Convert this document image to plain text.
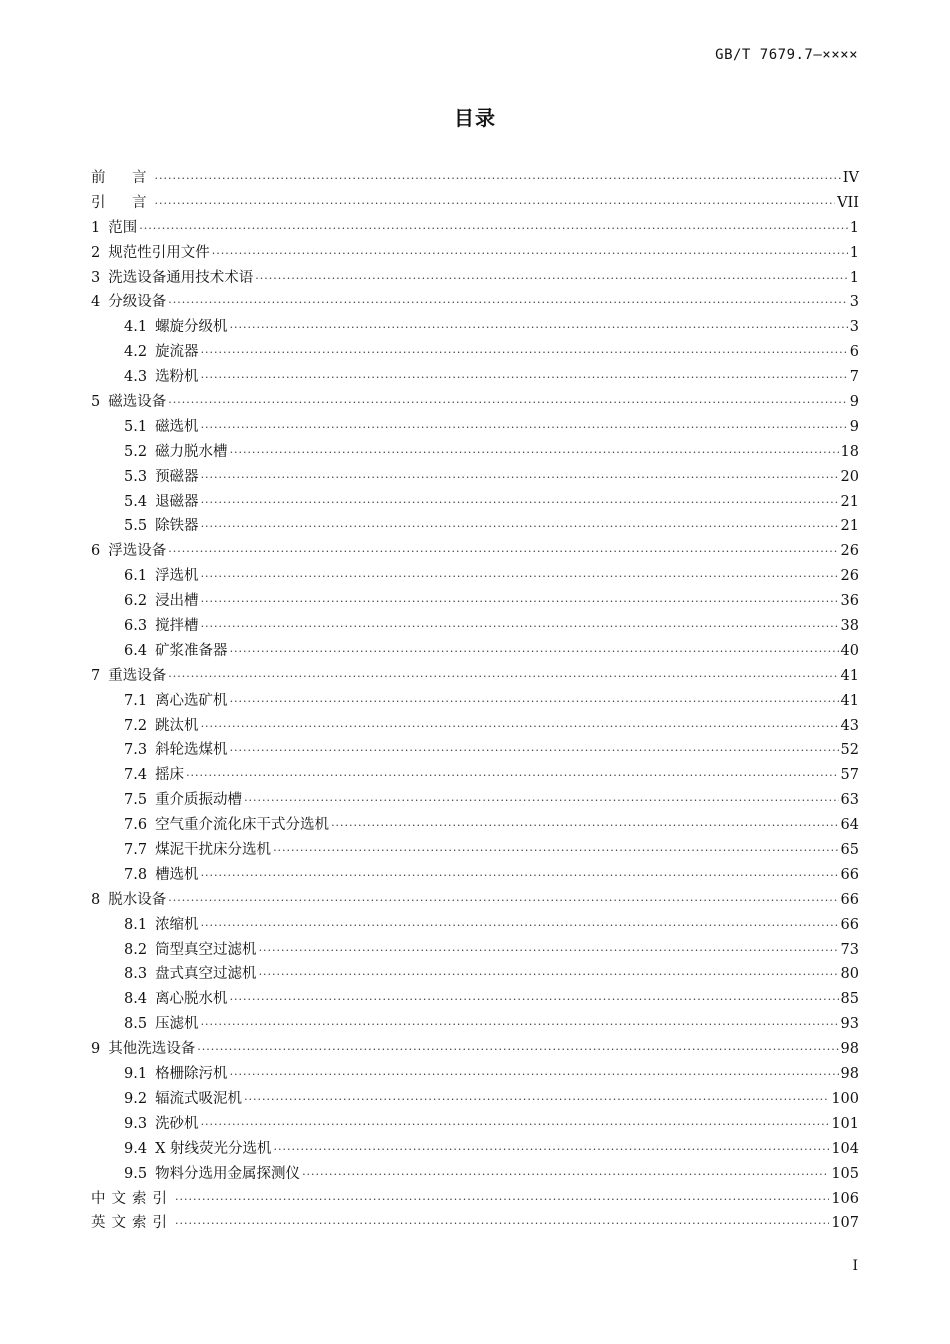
GB/T 7679.7—××××
目录
前　言 .....	IV
引　言 .....	VII
1 范围 .....	1
2 规范性引用文件 .....	1
3 洗选设备通用技术术语 .....	1
4 分级设备 .....	3
4.1 螺旋分级机 .....	3
4.2 旋流器 .....	6
4.3 选粉机 .....	7
5 磁选设备 .....	9
5.1 磁选机 .....	9
5.2 磁力脱水槽 .....	18
5.3 预磁器 .....	20
5.4 退磁器 .....	21
5.5 除铁器 .....	21
6 浮选设备 .....	26
6.1 浮选机 .....	26
6.2 浸出槽 .....	36
6.3 搅拌槽 .....	38
6.4 矿浆准备器 .....	40
7 重选设备 .....	41
7.1 离心选矿机 .....	41
7.2 跳汰机 .....	43
7.3 斜轮选煤机 .....	52
7.4 摇床 .....	57
7.5 重介质振动槽 .....	63
7.6 空气重介流化床干式分选机 .....	64
7.7 煤泥干扰床分选机 .....	65
7.8 槽选机 .....	66
8 脱水设备 .....	66
8.1 浓缩机 .....	66
8.2 筒型真空过滤机 .....	73
8.3 盘式真空过滤机 .....	80
8.4 离心脱水机 .....	85
8.5 压滤机 .....	93
9 其他洗选设备 .....	98
9.1 格栅除污机 .....	98
9.2 辐流式吸泥机 .....	100
9.3 洗砂机 .....	101
9.4 X 射线荧光分选机 .....	104
9.5 物料分选用金属探测仪 .....	105
中文索引 .....	106
英文索引 .....	107
I
